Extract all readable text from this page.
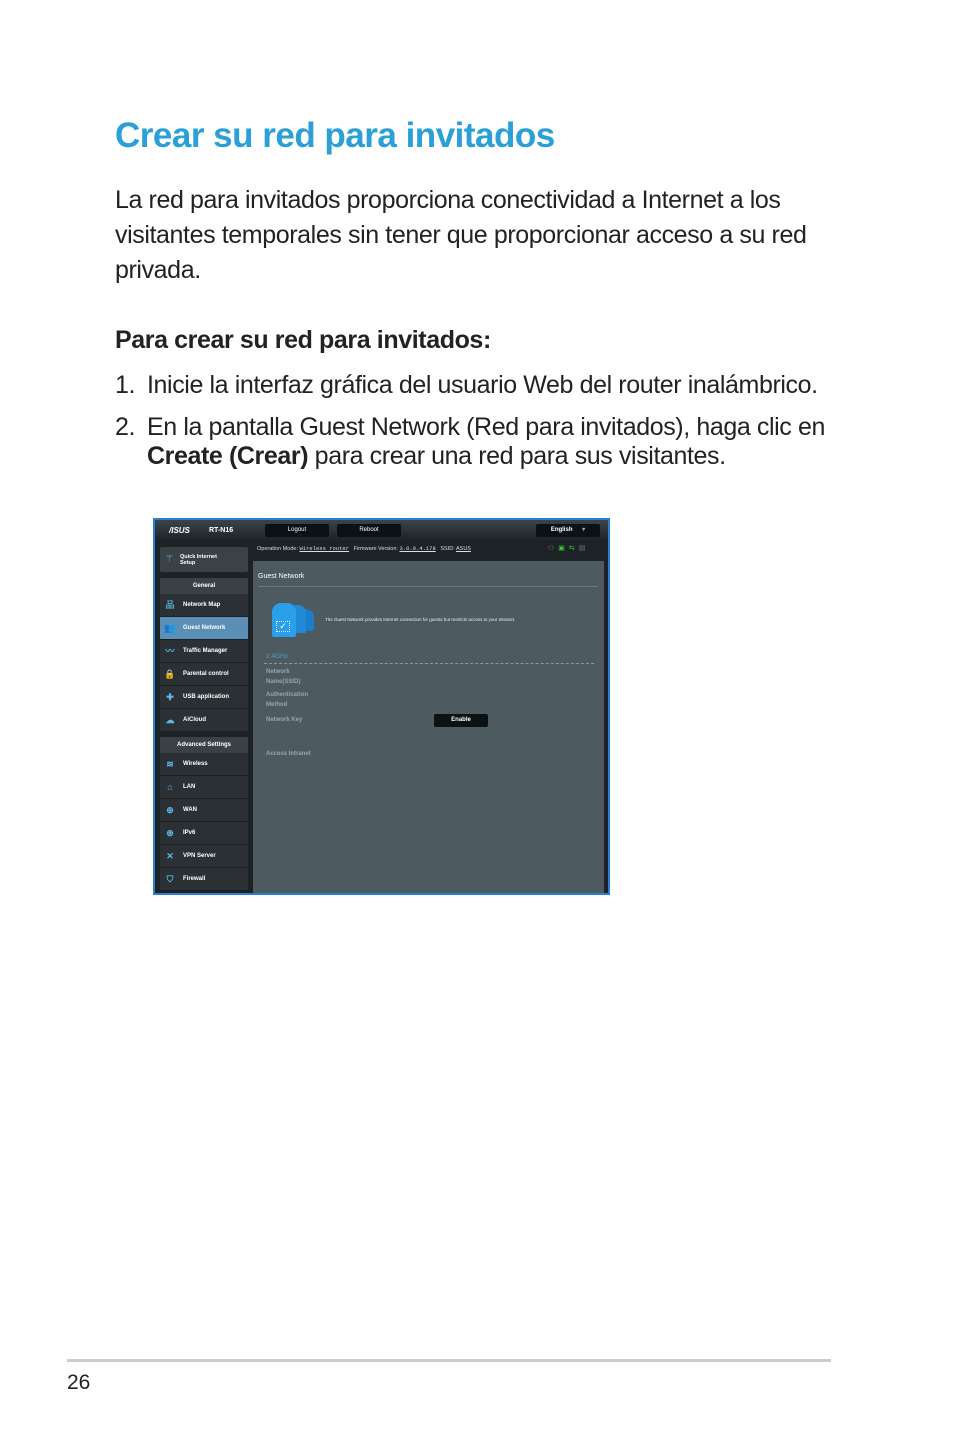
Crear su red para invitados

La red para invitados proporciona conectividad a Internet a los visitantes temporales sin tener que proporcionar acceso a su red privada.

Para crear su red para invitados:
1. Inicie la interfaz gráfica del usuario Web del router inalámbrico.
2. En la pantalla Guest Network (Red para invitados), haga clic en Create (Crear) para crear una red para sus visitantes.
/ISUS	RT-N16	Logout	Reboot	English ▾
Operation Mode: Wireless router Firmware Version: 3.0.0.4.178 SSID: ASUS	⚇▣⇆▤
⚚ Quick Internet Setup
General
品 Network Map
👥 Guest Network
〰 Traffic Manager
🔒 Parental control
✚	USB application
☁ AiCloud
Advanced Settings
≋	Wireless
⌂	LAN
⊕	WAN
⊛	IPv6
✕	VPN Server
⛉	Firewall
Guest Network
✓
The Guest Network provides Internet connection for guests but restricts access to your Intranet.
2.4GHz
Network Name(SSID)
Authentication Method
Network Key	Enable
Access Intranet
26
